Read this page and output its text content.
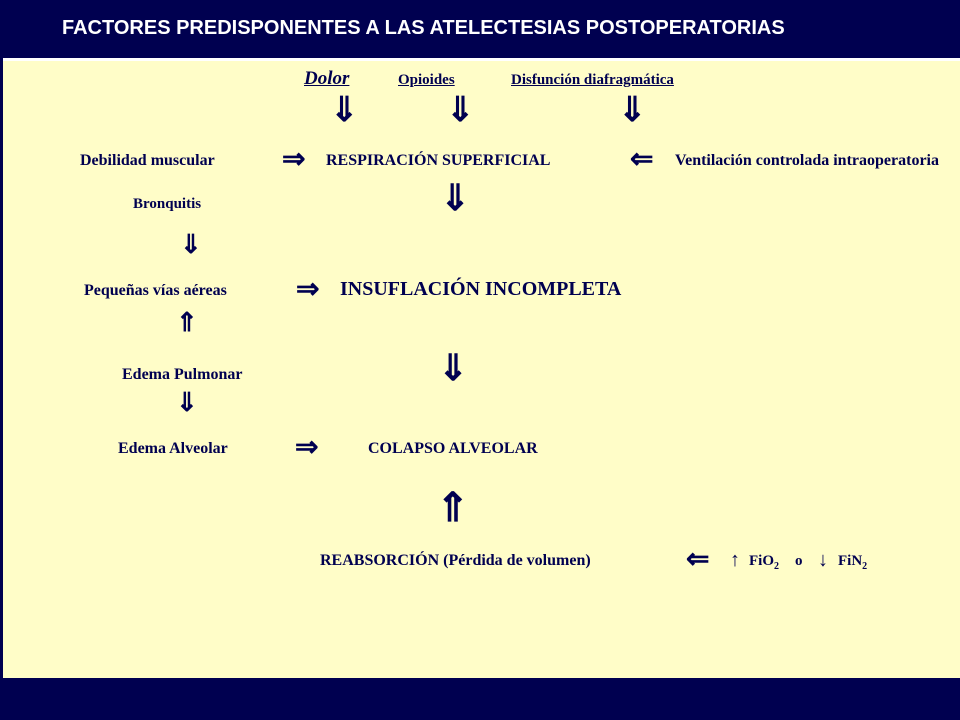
FACTORES PREDISPONENTES A LAS ATELECTESIAS POSTOPERATORIAS
Dolor	Opioides	Disfunción diafragmática
⇓	⇓	⇓
Debilidad muscular ⇒ RESPIRACIÓN SUPERFICIAL	⇐ Ventilación controlada intraoperatoria
Bronquitis	⇓
⇓
Pequeñas vías aéreas ⇒ INSUFLACIÓN INCOMPLETA
⇑
Edema Pulmonar	⇓
⇓
Edema Alveolar ⇒	COLAPSO ALVEOLAR
⇑
REABSORCIÓN (Pérdida de volumen)	⇐ ↑ FiO$_2$ o ↓ FiN$_2$
